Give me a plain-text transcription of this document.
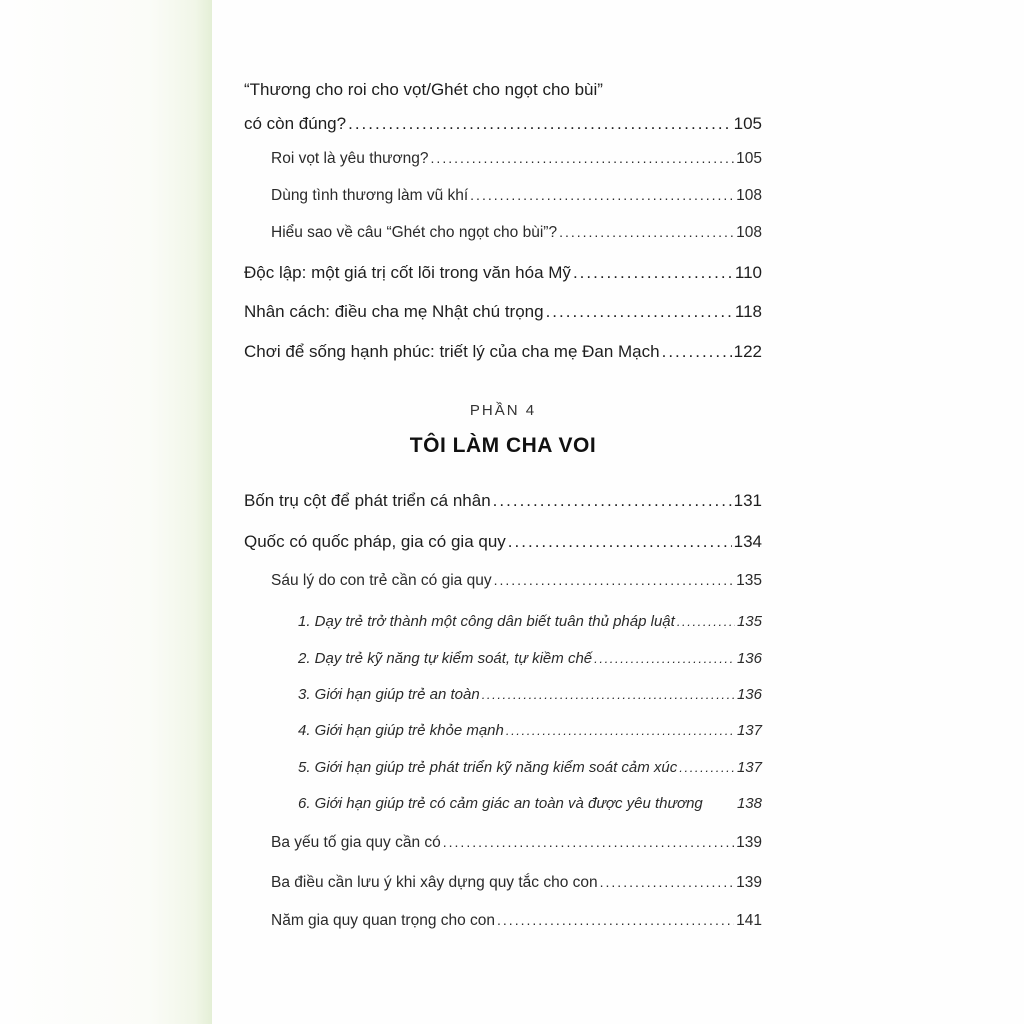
“Thương cho roi cho vọt/Ghét cho ngọt cho bùi”
có còn đúng? .....	105
Roi vọt là yêu thương? .....	105
Dùng tình thương làm vũ khí .....	108
Hiểu sao về câu “Ghét cho ngọt cho bùi”? .....	108
Độc lập: một giá trị cốt lõi trong văn hóa Mỹ .....	110
Nhân cách: điều cha mẹ Nhật chú trọng .....	118
Chơi để sống hạnh phúc: triết lý của cha mẹ Đan Mạch .....	122
PHẦN 4
TÔI LÀM CHA VOI
Bốn trụ cột để phát triển cá nhân .....	131
Quốc có quốc pháp, gia có gia quy .....	134
Sáu lý do con trẻ cần có gia quy .....	135
1. Dạy trẻ trở thành một công dân biết tuân thủ pháp luật .....	135
2. Dạy trẻ kỹ năng tự kiểm soát, tự kiềm chế .....	136
3. Giới hạn giúp trẻ an toàn .....	136
4. Giới hạn giúp trẻ khỏe mạnh .....	137
5. Giới hạn giúp trẻ phát triển kỹ năng kiểm soát cảm xúc .....	137
6. Giới hạn giúp trẻ có cảm giác an toàn và được yêu thương 138
Ba yếu tố gia quy cần có .....	139
Ba điều cần lưu ý khi xây dựng quy tắc cho con .....	139
Năm gia quy quan trọng cho con .....	141
